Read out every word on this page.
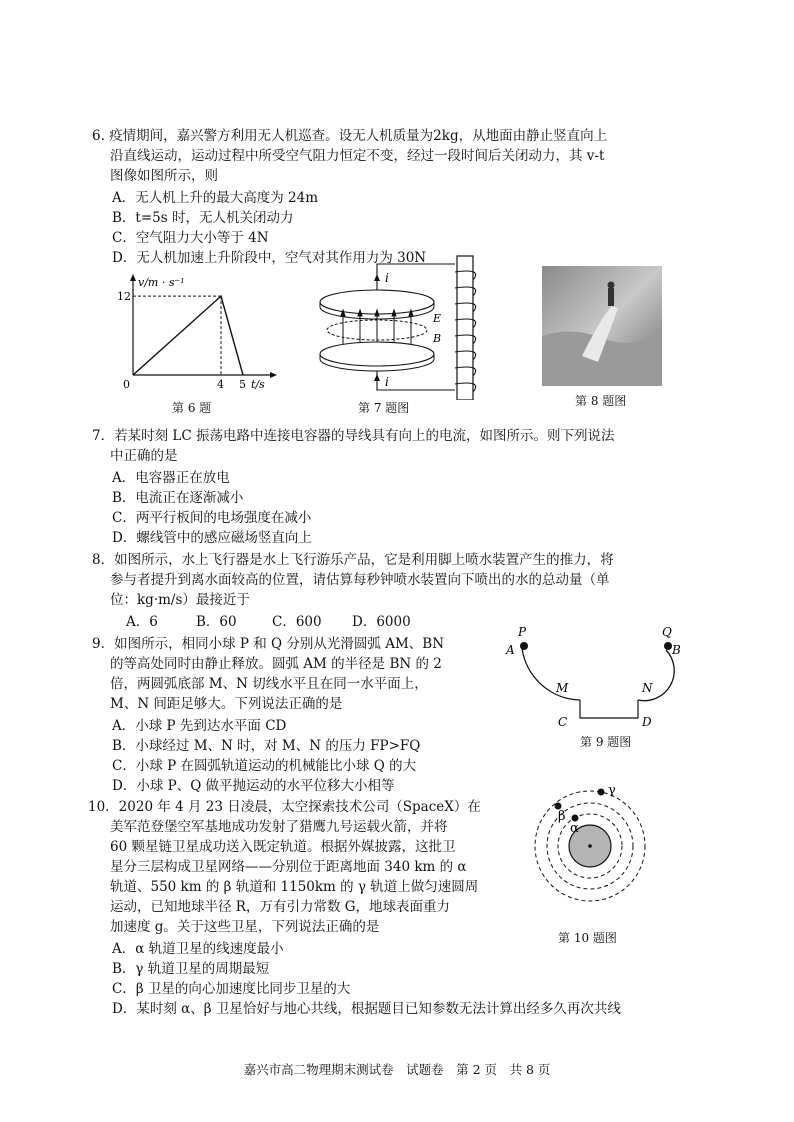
6. 疫情期间，嘉兴警方利用无人机巡查。设无人机质量为2kg，从地面由静止竖直向上
沿直线运动，运动过程中所受空气阻力恒定不变，经过一段时间后关闭动力，其 v-t
图像如图所示，则
A．无人机上升的最大高度为 24m
B．t=5s 时，无人机关闭动力
C．空气阻力大小等于 4N
D．无人机加速上升阶段中，空气对其作用力为 30N
v/m · s⁻¹
t/s
0	4 5
12
第 6 题
i
i
E
B
第 7 题图	第 8 题图
7．若某时刻 LC 振荡电路中连接电容器的导线具有向上的电流，如图所示。则下列说法
中正确的是
A．电容器正在放电
B．电流正在逐渐减小
C．两平行板间的电场强度在减小
D．螺线管中的感应磁场竖直向上
8．如图所示，水上飞行器是水上飞行游乐产品，它是利用脚上喷水装置产生的推力，将
参与者提升到离水面较高的位置，请估算每秒钟喷水装置向下喷出的水的总动量（单
位：kg·m/s）最接近于
A．6	B．60	C．600 D．6000
9．如图所示，相同小球 P 和 Q 分别从光滑圆弧 AM、BN
的等高处同时由静止释放。圆弧 AM 的半径是 BN 的 2
倍，两圆弧底部 M、N 切线水平且在同一水平面上，
M、N 间距足够大。下列说法正确的是
A．小球 P 先到达水平面 CD
B．小球经过 M、N 时，对 M、N 的压力 FP>FQ
C．小球 P 在圆弧轨道运动的机械能比小球 Q 的大
D．小球 P、Q 做平抛运动的水平位移大小相等
P	Q
A	B
M	N
C	D
第 9 题图
10．2020 年 4 月 23 日凌晨，太空探索技术公司（SpaceX）在
美军范登堡空军基地成功发射了猎鹰九号运载火箭，并将
60 颗星链卫星成功送入既定轨道。根据外媒披露，这批卫
星分三层构成卫星网络——分别位于距离地面 340 km 的 α
轨道、550 km 的 β 轨道和 1150km 的 γ 轨道上做匀速圆周
运动，已知地球半径 R，万有引力常数 G，地球表面重力
加速度 g。关于这些卫星，下列说法正确的是
A．α 轨道卫星的线速度最小
B．γ 轨道卫星的周期最短
C．β 卫星的向心加速度比同步卫星的大
D．某时刻 α、β 卫星恰好与地心共线，根据题目已知参数无法计算出经多久再次共线
α
β
γ
第 10 题图
嘉兴市高二物理期末测试卷　试题卷　第 2 页　共 8 页
